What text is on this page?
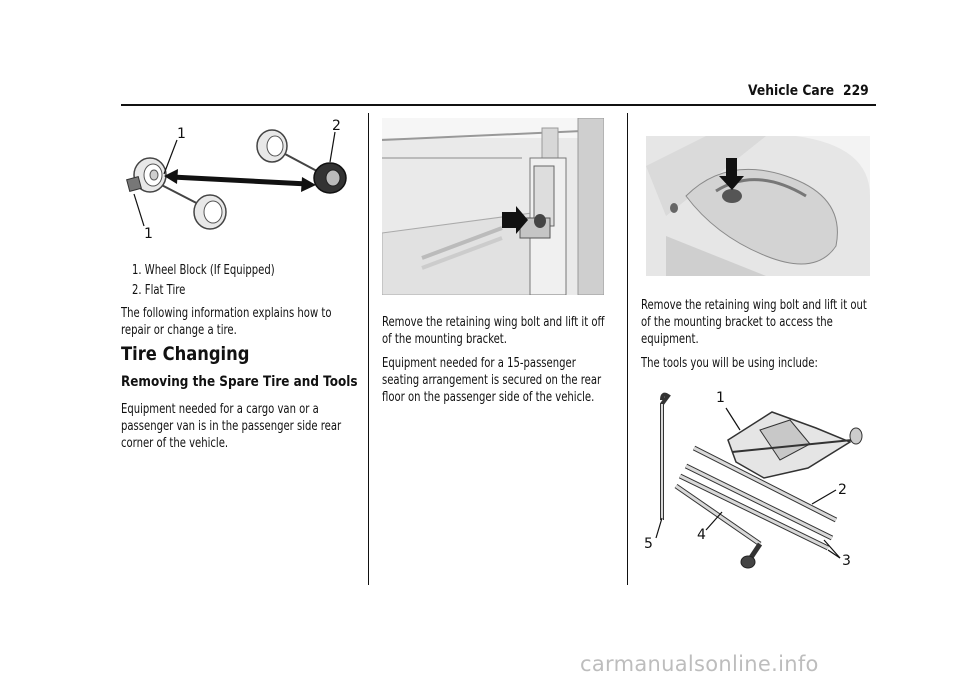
Vehicle Care 229
1	2
1
1. Wheel Block (If Equipped)
2. Flat Tire

The following information explains how to repair or change a tire.

Tire Changing
Removing the Spare Tire and Tools

Equipment needed for a cargo van or a passenger van is in the passenger side rear corner of the vehicle.

Remove the retaining wing bolt and lift it off of the mounting bracket.

Equipment needed for a 15-passenger seating arrangement is secured on the rear floor on the passenger side of the vehicle.

Remove the retaining wing bolt and lift it out of the mounting bracket to access the equipment.

The tools you will be using include:

1
2
3
4
5
carmanualsonline.info
